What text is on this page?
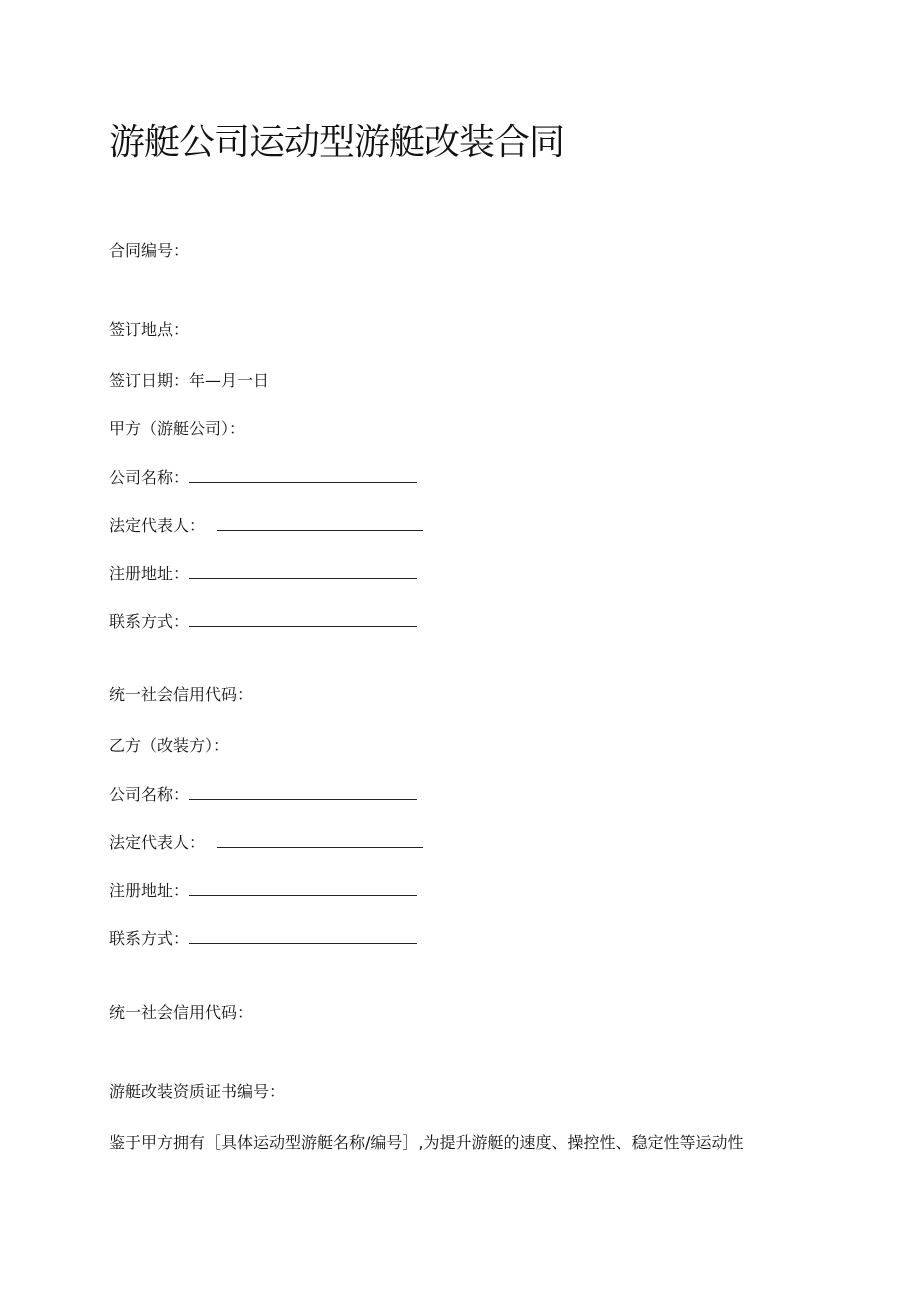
游艇公司运动型游艇改装合同
合同编号：
签订地点：
签订日期：年—月一日
甲方（游艇公司）：
公司名称：
法定代表人：
注册地址：
联系方式：
统一社会信用代码：
乙方（改装方）：
公司名称：
法定代表人：
注册地址：
联系方式：
统一社会信用代码：
游艇改装资质证书编号：
鉴于甲方拥有［具体运动型游艇名称/编号］,为提升游艇的速度、操控性、稳定性等运动性
